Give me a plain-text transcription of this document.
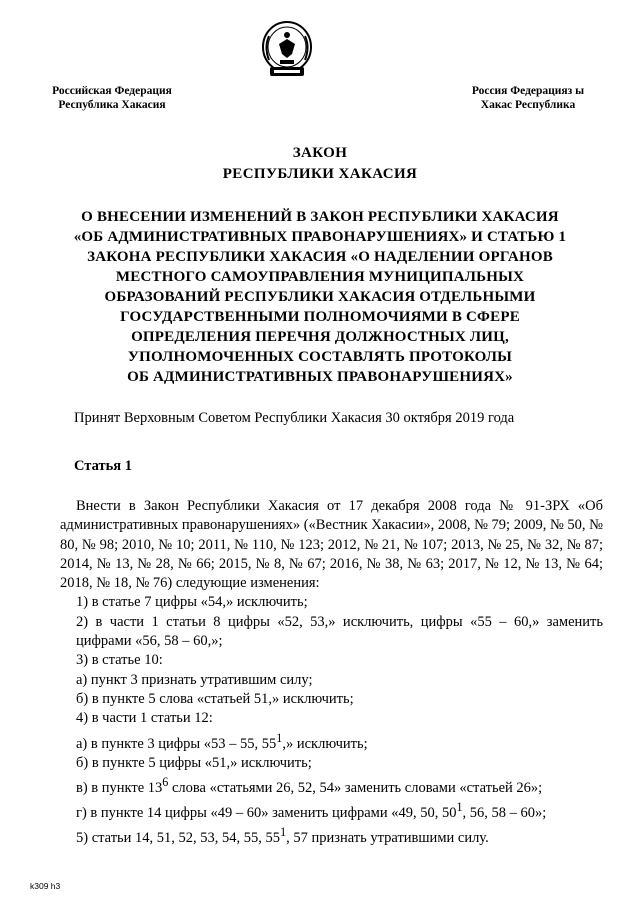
Российская Федерация
Республика Хакасия
Россия Федерацияз ы
Хакас Республика
ЗАКОН
РЕСПУБЛИКИ ХАКАСИЯ
О ВНЕСЕНИИ ИЗМЕНЕНИЙ В ЗАКОН РЕСПУБЛИКИ ХАКАСИЯ
«ОБ АДМИНИСТРАТИВНЫХ ПРАВОНАРУШЕНИЯХ» И СТАТЬЮ 1
ЗАКОНА РЕСПУБЛИКИ ХАКАСИЯ «О НАДЕЛЕНИИ ОРГАНОВ
МЕСТНОГО САМОУПРАВЛЕНИЯ МУНИЦИПАЛЬНЫХ
ОБРАЗОВАНИЙ РЕСПУБЛИКИ ХАКАСИЯ ОТДЕЛЬНЫМИ
ГОСУДАРСТВЕННЫМИ ПОЛНОМОЧИЯМИ В СФЕРЕ
ОПРЕДЕЛЕНИЯ ПЕРЕЧНЯ ДОЛЖНОСТНЫХ ЛИЦ,
УПОЛНОМОЧЕННЫХ СОСТАВЛЯТЬ ПРОТОКОЛЫ
ОБ АДМИНИСТРАТИВНЫХ ПРАВОНАРУШЕНИЯХ»
Принят Верховным Советом Республики Хакасия 30 октября 2019 года
Статья 1

Внести в Закон Республики Хакасия от 17 декабря 2008 года № 91-ЗРХ «Об административных правонарушениях» («Вестник Хакасии», 2008, № 79; 2009, № 50, № 80, № 98; 2010, № 10; 2011, № 110, № 123; 2012, № 21, № 107; 2013, № 25, № 32, № 87; 2014, № 13, № 28, № 66; 2015, № 8, № 67; 2016, № 38, № 63; 2017, № 12, № 13, № 64; 2018, № 18, № 76) следующие изменения:

1) в статье 7 цифры «54,» исключить;

2) в части 1 статьи 8 цифры «52, 53,» исключить, цифры «55 – 60,» заменить цифрами «56, 58 – 60,»;

3) в статье 10:

а) пункт 3 признать утратившим силу;

б) в пункте 5 слова «статьей 51,» исключить;

4) в части 1 статьи 12:

а) в пункте 3 цифры «53 – 55, $55^1$,» исключить;

б) в пункте 5 цифры «51,» исключить;

в) в пункте $13^6$ слова «статьями 26, 52, 54» заменить словами «статьей 26»;

г) в пункте 14 цифры «49 – 60» заменить цифрами «49, 50, $50^1$, 56, 58 – 60»;

5) статьи 14, 51, 52, 53, 54, 55, $55^1$, 57 признать утратившими силу.

k309 h3
